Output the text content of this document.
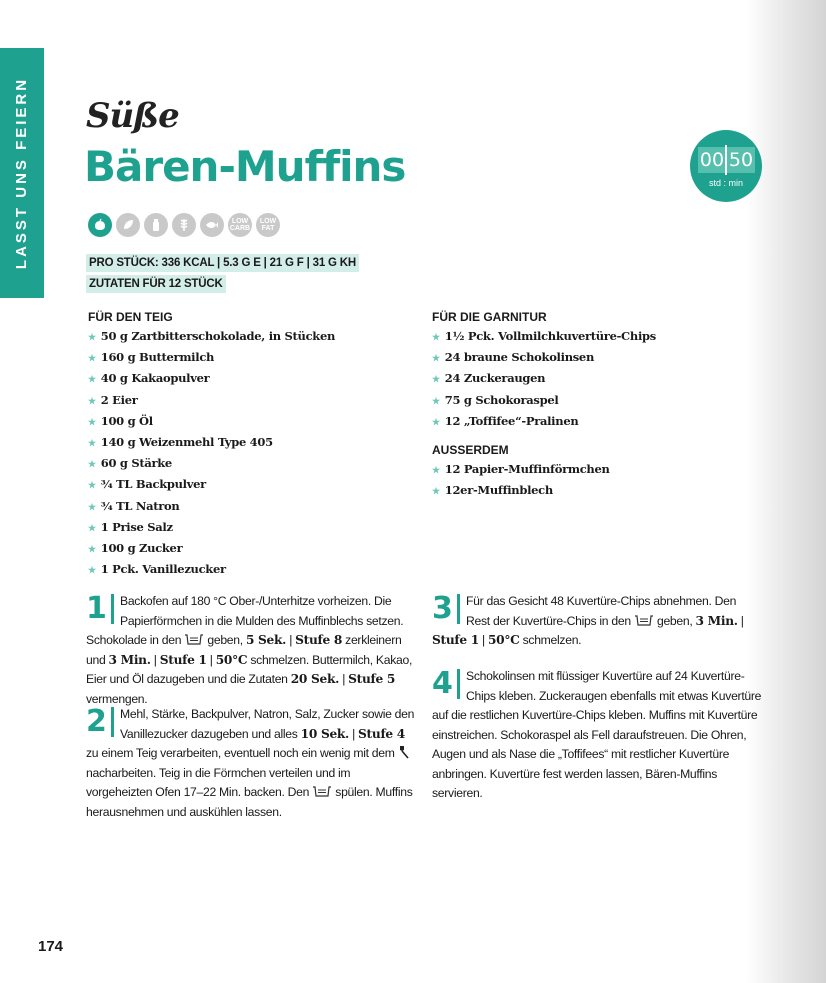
LASST UNS FEIERN Süße
Bären-Muffins	00 50
std : min
LOW CARB
LOW FAT
PRO STÜCK: 336 KCAL | 5.3 G E | 21 G F | 31 G KH
ZUTATEN FÜR 12 STÜCK
FÜR DEN TEIG
★ 50 g Zartbitterschokolade, in Stücken
★ 160 g Buttermilch
★ 40 g Kakaopulver
★ 2 Eier
★ 100 g Öl
★ 140 g Weizenmehl Type 405
★ 60 g Stärke
★ ¾ TL Backpulver
★ ¾ TL Natron
★ 1 Prise Salz
★ 100 g Zucker
★ 1 Pck. Vanillezucker
FÜR DIE GARNITUR
★ 1½ Pck. Vollmilchkuvertüre-Chips
★ 24 braune Schokolinsen
★ 24 Zuckeraugen
★ 75 g Schokoraspel
★ 12 „Toffifee“-Pralinen
AUSSERDEM
★ 12 Papier-Muffinförmchen
★ 12er-Muffinblech
1	Backofen auf 180 °C Ober-/Unterhitze vorheizen. Die Papierförmchen in die Mulden des Muffinblechs setzen. Schokolade in den  geben, 5 Sek. | Stufe 8 zerkleinern und 3 Min. | Stufe 1 | 50°C schmelzen. Buttermilch, Kakao, Eier und Öl dazugeben und die Zutaten 20 Sek. | Stufe 5 vermengen.
2	Mehl, Stärke, Backpulver, Natron, Salz, Zucker sowie den Vanillezucker dazugeben und alles 10 Sek. | Stufe 4 zu einem Teig verarbeiten, eventuell noch ein wenig mit dem  nacharbeiten. Teig in die Förmchen verteilen und im vorgeheizten Ofen 17–22 Min. backen. Den  spülen. Muffins herausnehmen und auskühlen lassen.
3	Für das Gesicht 48 Kuvertüre-Chips abnehmen. Den Rest der Kuvertüre-Chips in den  geben, 3 Min. | Stufe 1 | 50°C schmelzen.
4	Schokolinsen mit flüssiger Kuvertüre auf 24 Kuvertüre-Chips kleben. Zuckeraugen ebenfalls mit etwas Kuvertüre auf die restlichen Kuvertüre-Chips kleben. Muffins mit Kuvertüre einstreichen. Schokoraspel als Fell daraufstreuen. Die Ohren, Augen und als Nase die „Toffifees“ mit restlicher Kuvertüre anbringen. Kuvertüre fest werden lassen, Bären-Muffins servieren.
174
